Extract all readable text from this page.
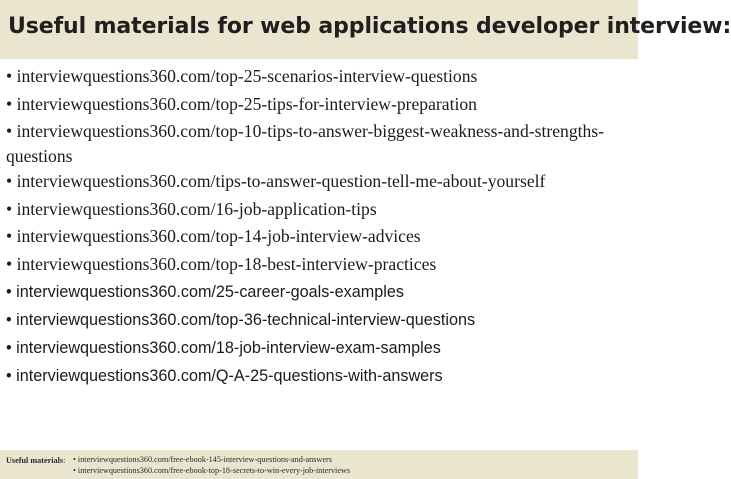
Useful materials for web applications developer interview:
• interviewquestions360.com/top-25-scenarios-interview-questions
• interviewquestions360.com/top-25-tips-for-interview-preparation
• interviewquestions360.com/top-10-tips-to-answer-biggest-weakness-and-strengths-questions
• interviewquestions360.com/tips-to-answer-question-tell-me-about-yourself
• interviewquestions360.com/16-job-application-tips
• interviewquestions360.com/top-14-job-interview-advices
• interviewquestions360.com/top-18-best-interview-practices
• interviewquestions360.com/25-career-goals-examples
• interviewquestions360.com/top-36-technical-interview-questions
• interviewquestions360.com/18-job-interview-exam-samples
• interviewquestions360.com/Q-A-25-questions-with-answers
Useful materials: • interviewquestions360.com/free-ebook-145-interview-questions-and-answers
• interviewquestions360.com/free-ebook-top-18-secrets-to-win-every-job-interviews
